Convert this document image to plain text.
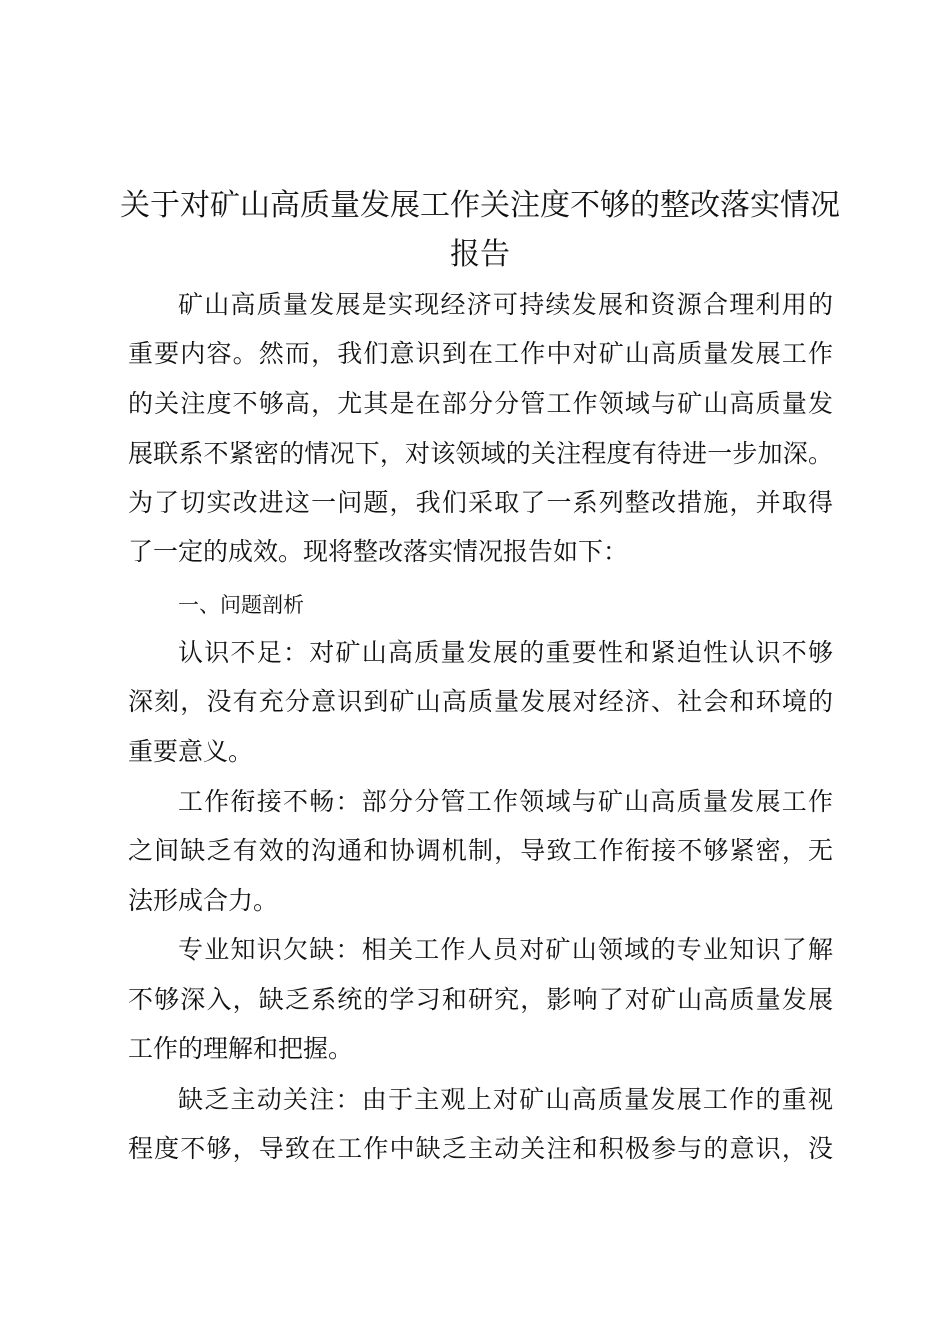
关于对矿山高质量发展工作关注度不够的整改落实情况
报告

矿山高质量发展是实现经济可持续发展和资源合理利用的

重要内容。然而，我们意识到在工作中对矿山高质量发展工作

的关注度不够高，尤其是在部分分管工作领域与矿山高质量发

展联系不紧密的情况下，对该领域的关注程度有待进一步加深。

为了切实改进这一问题，我们采取了一系列整改措施，并取得

了一定的成效。现将整改落实情况报告如下：

一、问题剖析

认识不足：对矿山高质量发展的重要性和紧迫性认识不够

深刻，没有充分意识到矿山高质量发展对经济、社会和环境的

重要意义。

工作衔接不畅：部分分管工作领域与矿山高质量发展工作

之间缺乏有效的沟通和协调机制，导致工作衔接不够紧密，无

法形成合力。

专业知识欠缺：相关工作人员对矿山领域的专业知识了解

不够深入，缺乏系统的学习和研究，影响了对矿山高质量发展

工作的理解和把握。

缺乏主动关注：由于主观上对矿山高质量发展工作的重视

程度不够，导致在工作中缺乏主动关注和积极参与的意识，没
